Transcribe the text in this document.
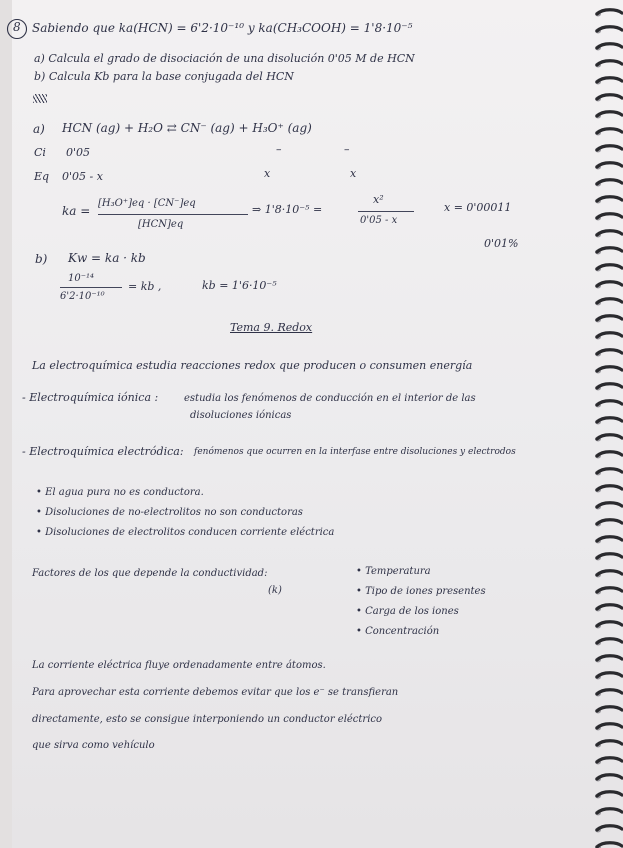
8 Sabiendo que ka(HCN) = 6'2·10⁻¹⁰ y ka(CH₃COOH) = 1'8·10⁻⁵

a) Calcula el grado de disociación de una disolución 0'05 M de HCN

b) Calcula Kb para la base conjugada del HCN

a) HCN (ag) + H₂O ⇄ CN⁻ (ag) + H₃O⁺ (ag)

Ci 0'05	–	–

Eq 0'05 - x	x	x

ka =

[H₃O⁺]eq · [CN⁻]eq

[HCN]eq

⇒ 1'8·10⁻⁵ =

x²

0'05 - x

x = 0'00011

0'01%

b) Kw = ka · kb

10⁻¹⁴

6'2·10⁻¹⁰

= kb ,	kb = 1'6·10⁻⁵

Tema 9. Redox

La electroquímica estudia reacciones redox que producen o consumen energía

- Electroquímica iónica :	estudia los fenómenos de conducción en el interior de las

disoluciones iónicas

- Electroquímica electródica: fenómenos que ocurren en la interfase entre disoluciones y electrodos

• El agua pura no es conductora.

• Disoluciones de no-electrolitos no son conductoras

• Disoluciones de electrolitos conducen corriente eléctrica

Factores de los que depende la conductividad:

(k)

• Temperatura

• Tipo de iones presentes

• Carga de los iones

• Concentración

La corriente eléctrica fluye ordenadamente entre átomos.

Para aprovechar esta corriente debemos evitar que los e⁻ se transfieran

directamente, esto se consigue interponiendo un conductor eléctrico

que sirva como vehículo
